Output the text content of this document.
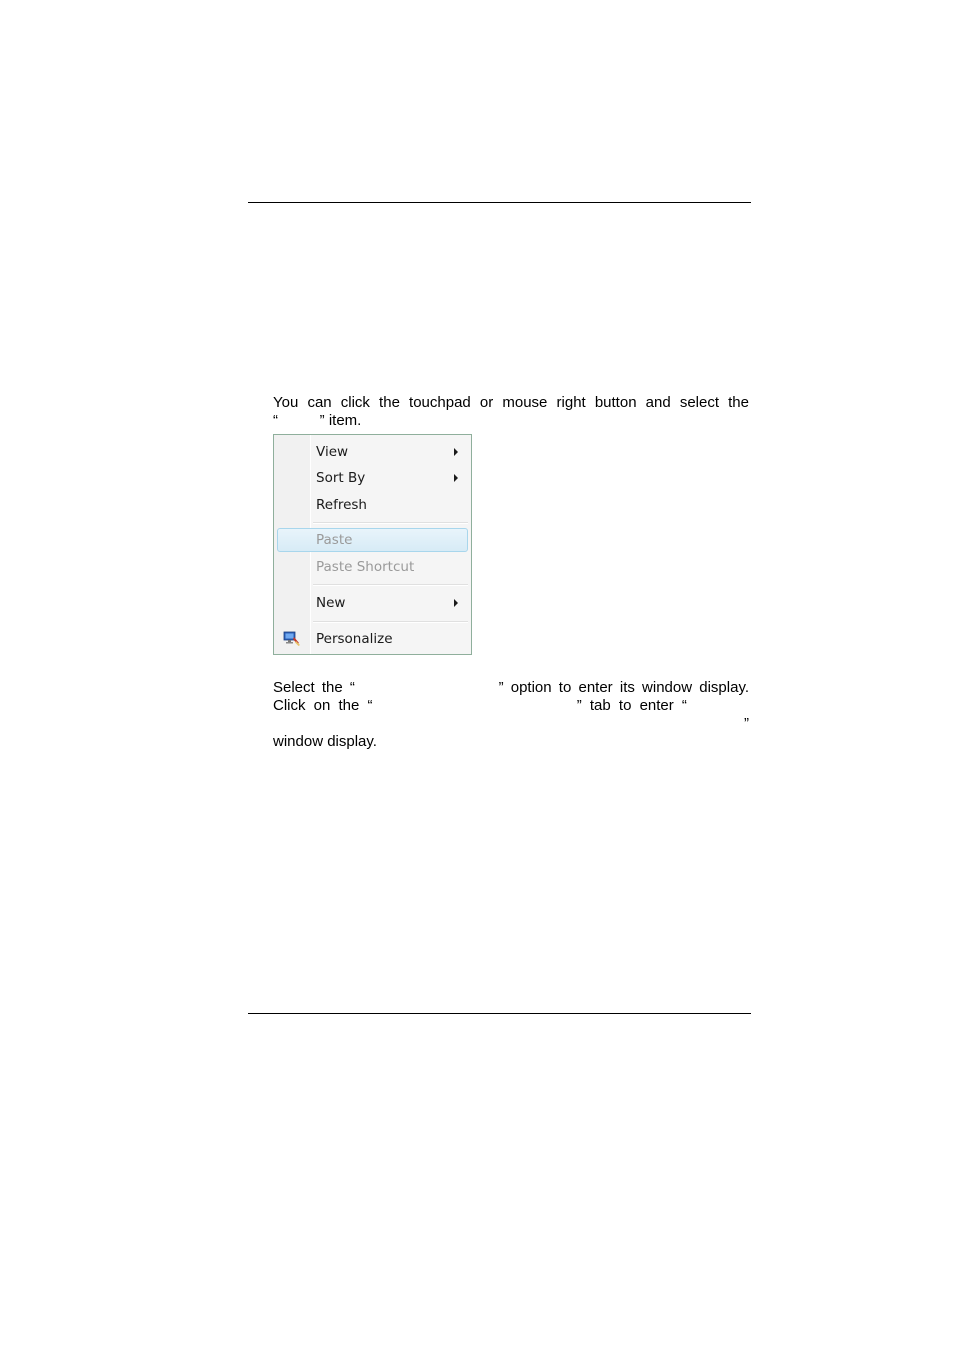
You can click the touchpad or mouse right button and select the
“          ” item.
View
Sort By
Refresh
Paste
Paste Shortcut
New
Personalize
Select the “                    ” option to enter its window display.
Click on the “                         ” tab to enter “
”
window display.
